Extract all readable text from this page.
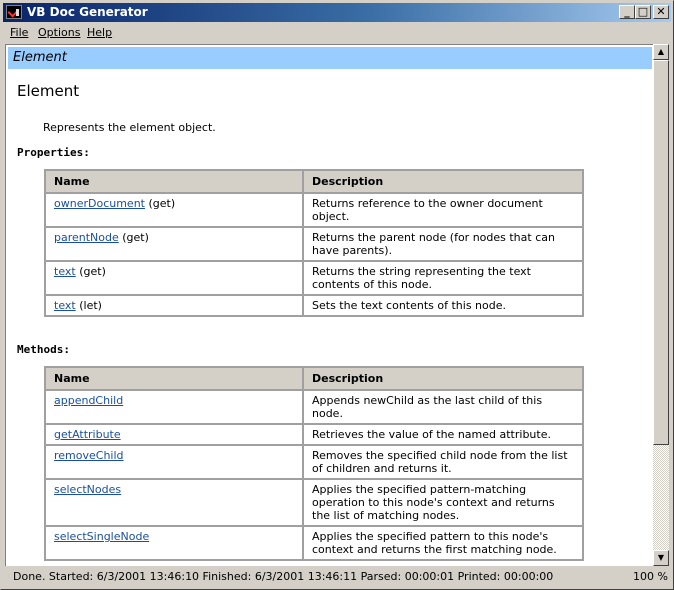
VB Doc Generator	_ □ ✕
File Options Help
Element
Element
Represents the element object.
Properties:
Name	Description
ownerDocument (get)	Returns reference to the owner document object.
parentNode (get)	Returns the parent node (for nodes that can have parents).
text (get)	Returns the string representing the text contents of this node.
text (let)	Sets the text contents of this node.
Methods:
Name	Description
appendChild	Appends newChild as the last child of this node.
getAttribute	Retrieves the value of the named attribute.
removeChild	Removes the specified child node from the list of children and returns it.
selectNodes	Applies the specified pattern-matching operation to this node's context and returns the list of matching nodes.
selectSingleNode	Applies the specified pattern to this node's context and returns the first matching node.
▲
▼
Done. Started: 6/3/2001 13:46:10 Finished: 6/3/2001 13:46:11 Parsed: 00:00:01 Printed: 00:00:00	100 %
